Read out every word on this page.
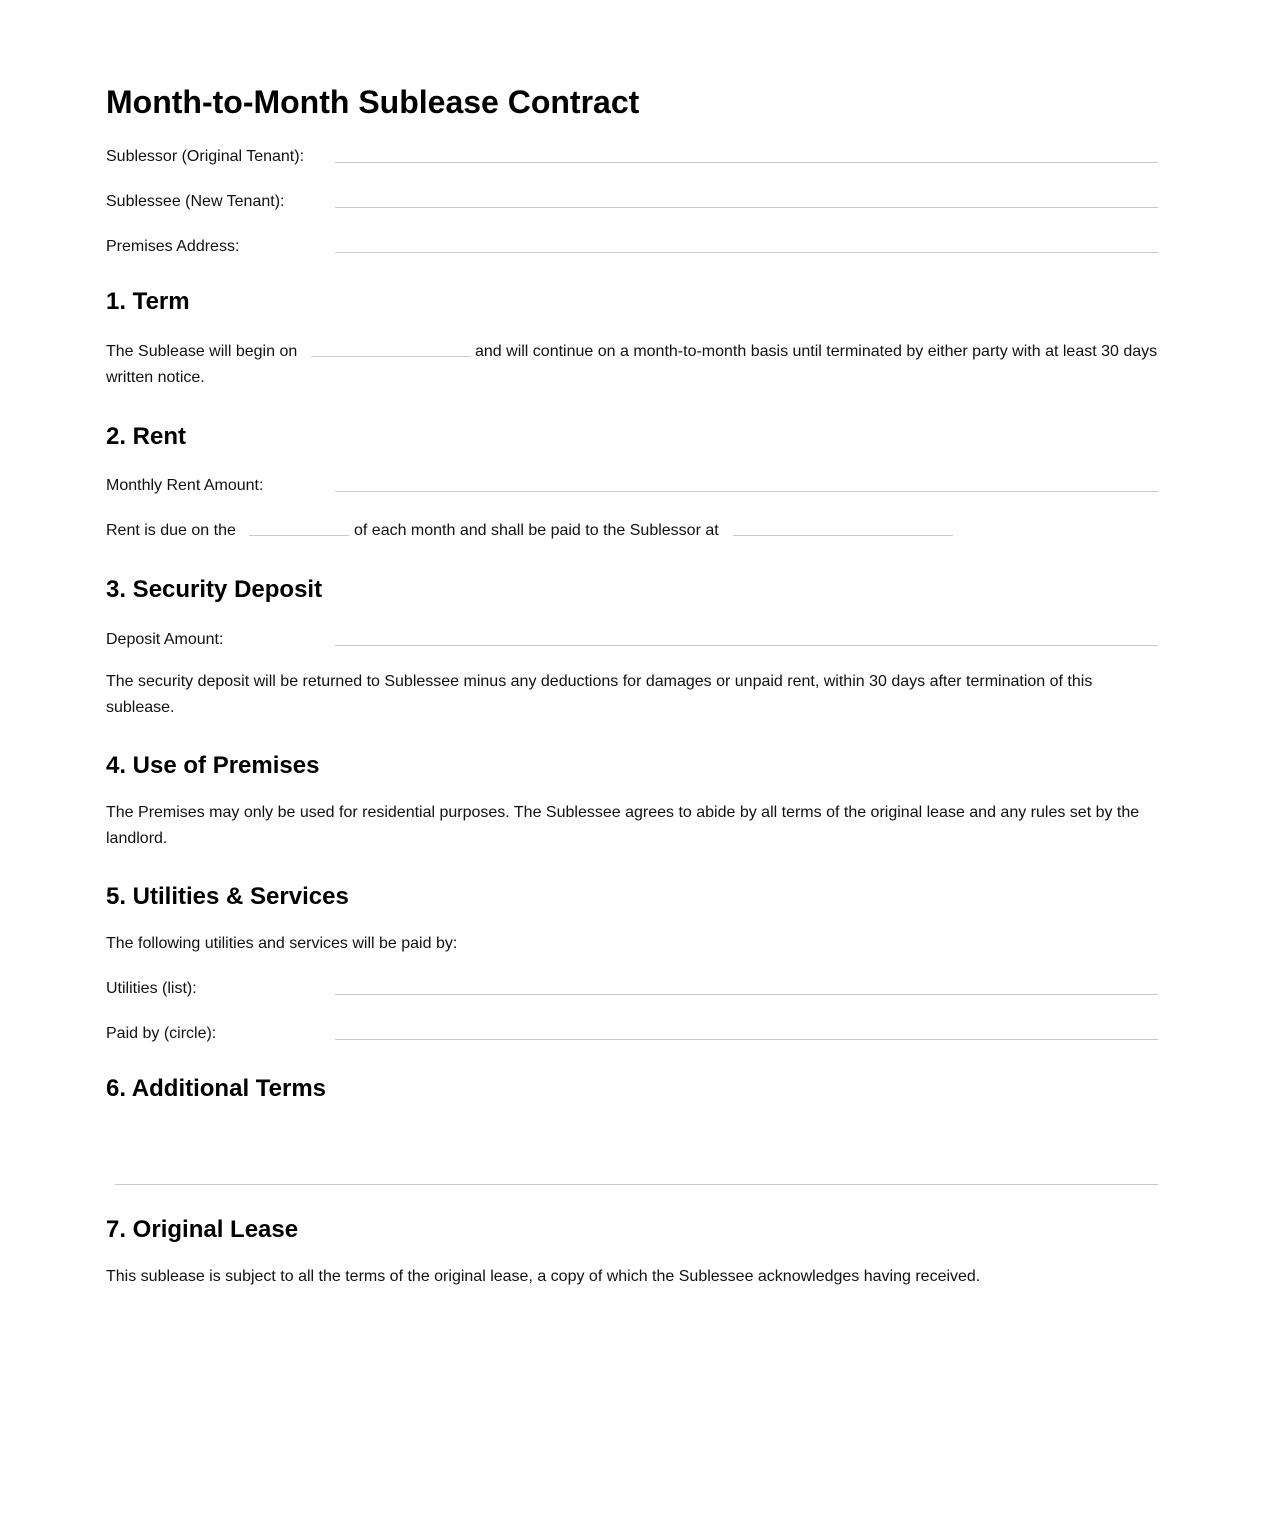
Month-to-Month Sublease Contract
Sublessor (Original Tenant):
Sublessee (New Tenant):
Premises Address:
1. Term
The Sublease will begin on	and will continue on a month-to-month basis until terminated by either party with at least 30 days
written notice.
2. Rent
Monthly Rent Amount:
Rent is due on the	of each month and shall be paid to the Sublessor at
3. Security Deposit
Deposit Amount:

The security deposit will be returned to Sublessee minus any deductions for damages or unpaid rent, within 30 days after termination of this sublease.

4. Use of Premises

The Premises may only be used for residential purposes. The Sublessee agrees to abide by all terms of the original lease and any rules set by the landlord.

5. Utilities & Services
The following utilities and services will be paid by:
Utilities (list):
Paid by (circle):
6. Additional Terms
7. Original Lease
This sublease is subject to all the terms of the original lease, a copy of which the Sublessee acknowledges having received.
